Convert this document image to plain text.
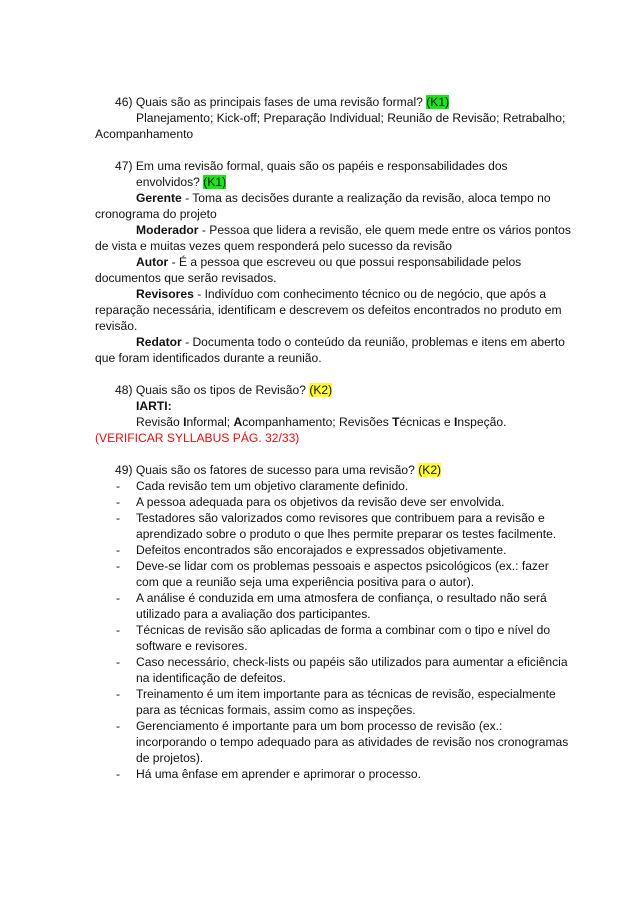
46) Quais são as principais fases de uma revisão formal? (K1)
Planejamento; Kick-off; Preparação Individual; Reunião de Revisão; Retrabalho;
Acompanhamento
47) Em uma revisão formal, quais são os papéis e responsabilidades dos
envolvidos? (K1)
Gerente - Toma as decisões durante a realização da revisão, aloca tempo no
cronograma do projeto
Moderador - Pessoa que lidera a revisão, ele quem mede entre os vários pontos
de vista e muitas vezes quem responderá pelo sucesso da revisão
Autor - É a pessoa que escreveu ou que possui responsabilidade pelos
documentos que serão revisados.
Revisores - Indivíduo com conhecimento técnico ou de negócio, que após a
reparação necessária, identificam e descrevem os defeitos encontrados no produto em
revisão.
Redator - Documenta todo o conteúdo da reunião, problemas e itens em aberto
que foram identificados durante a reunião.
48) Quais são os tipos de Revisão? (K2)
IARTI:
Revisão Informal; Acompanhamento; Revisões Técnicas e Inspeção.
(VERIFICAR SYLLABUS PÁG. 32/33)
49) Quais são os fatores de sucesso para uma revisão? (K2)
- Cada revisão tem um objetivo claramente definido.
- A pessoa adequada para os objetivos da revisão deve ser envolvida.
- Testadores são valorizados como revisores que contribuem para a revisão e
aprendizado sobre o produto o que lhes permite preparar os testes facilmente.
- Defeitos encontrados são encorajados e expressados objetivamente.
- Deve-se lidar com os problemas pessoais e aspectos psicológicos (ex.: fazer
com que a reunião seja uma experiência positiva para o autor).
- A análise é conduzida em uma atmosfera de confiança, o resultado não será
utilizado para a avaliação dos participantes.
- Técnicas de revisão são aplicadas de forma a combinar com o tipo e nível do
software e revisores.
- Caso necessário, check-lists ou papéis são utilizados para aumentar a eficiência
na identificação de defeitos.
- Treinamento é um item importante para as técnicas de revisão, especialmente
para as técnicas formais, assim como as inspeções.
- Gerenciamento é importante para um bom processo de revisão (ex.:
incorporando o tempo adequado para as atividades de revisão nos cronogramas
de projetos).
- Há uma ênfase em aprender e aprimorar o processo.
